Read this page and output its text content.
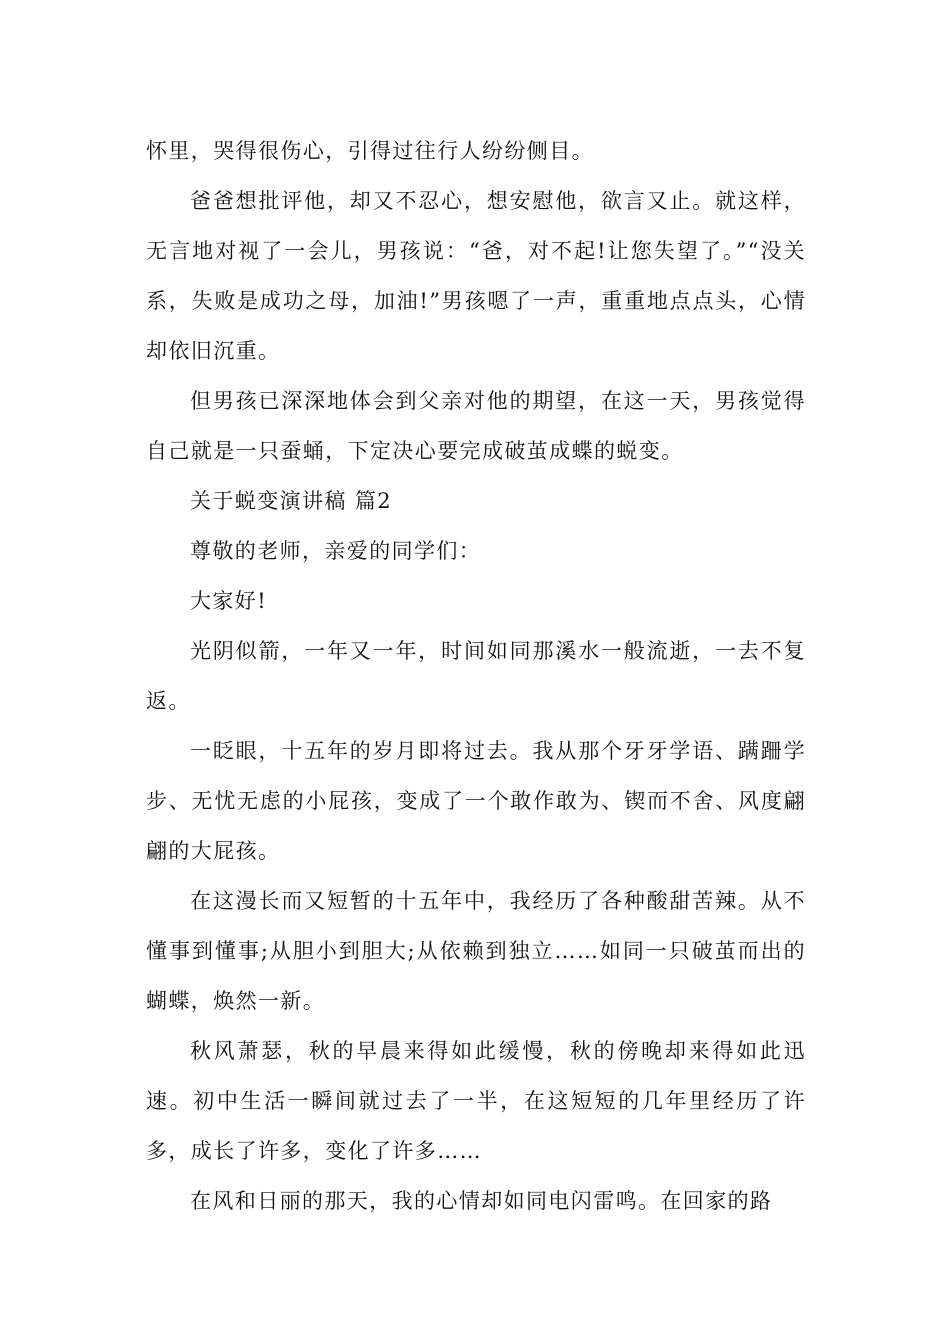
怀里，哭得很伤心，引得过往行人纷纷侧目。

爸爸想批评他，却又不忍心，想安慰他，欲言又止。就这样，无言地对视了一会儿，男孩说：“爸，对不起!让您失望了。”“没关系，失败是成功之母，加油!”男孩嗯了一声，重重地点点头，心情却依旧沉重。

但男孩已深深地体会到父亲对他的期望，在这一天，男孩觉得自己就是一只蚕蛹，下定决心要完成破茧成蝶的蜕变。

关于蜕变演讲稿 篇2

尊敬的老师，亲爱的同学们：

大家好!

光阴似箭，一年又一年，时间如同那溪水一般流逝，一去不复返。

一眨眼，十五年的岁月即将过去。我从那个牙牙学语、蹒跚学步、无忧无虑的小屁孩，变成了一个敢作敢为、锲而不舍、风度翩翩的大屁孩。

在这漫长而又短暂的十五年中，我经历了各种酸甜苦辣。从不懂事到懂事;从胆小到胆大;从依赖到独立……如同一只破茧而出的蝴蝶，焕然一新。

秋风萧瑟，秋的早晨来得如此缓慢，秋的傍晚却来得如此迅速。初中生活一瞬间就过去了一半，在这短短的几年里经历了许多，成长了许多，变化了许多……

在风和日丽的那天，我的心情却如同电闪雷鸣。在回家的路
